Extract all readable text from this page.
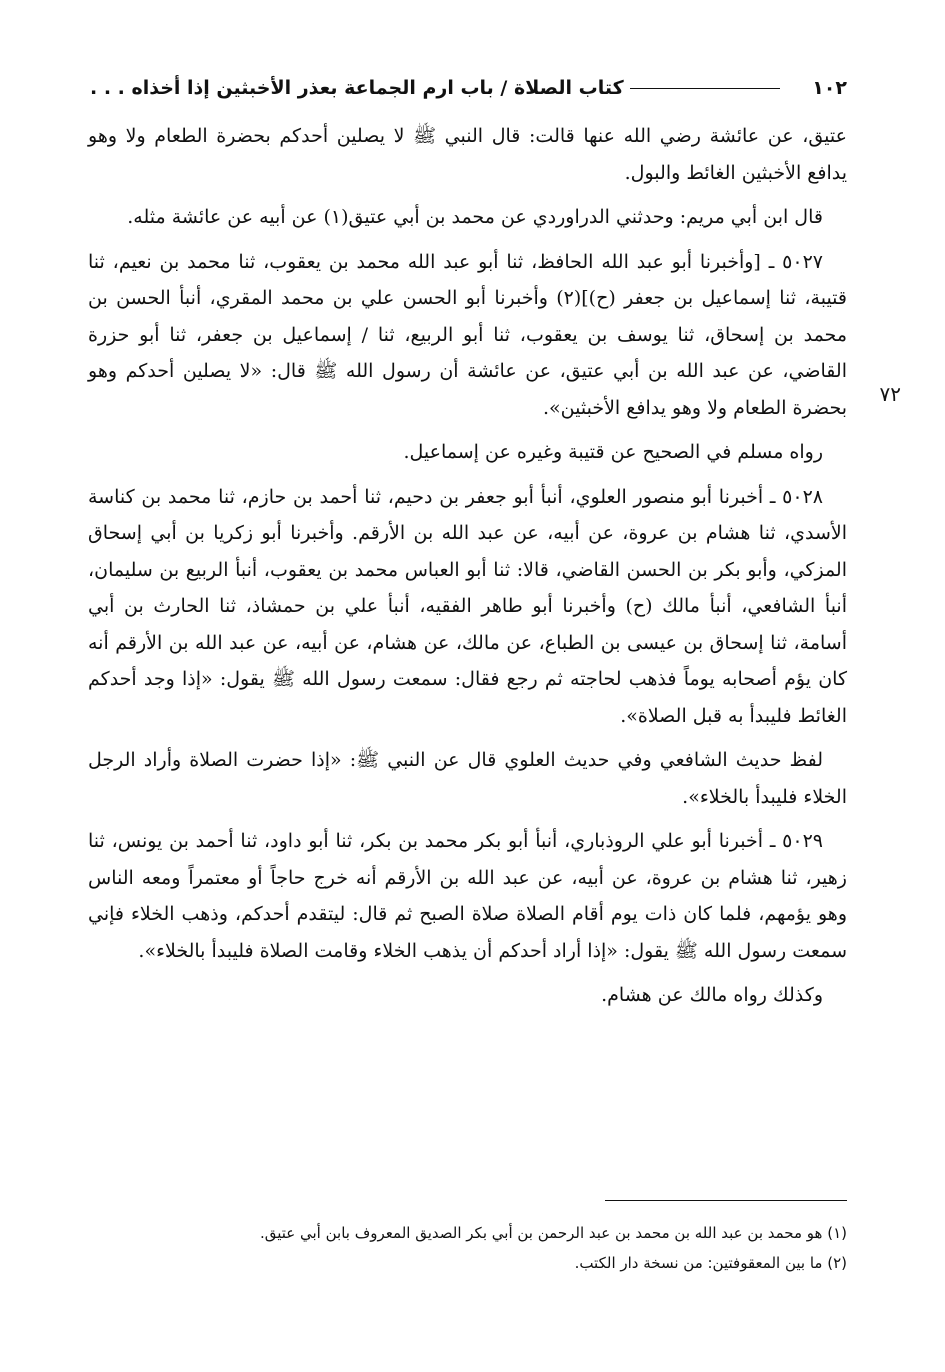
١٠٢
كتاب الصلاة / باب ارم الجماعة بعذر الأخبثين إذا أخذاه . . .
٧٢

عتيق، عن عائشة رضي الله عنها قالت: قال النبي ﷺ لا يصلين أحدكم بحضرة الطعام ولا وهو يدافع الأخبثين الغائط والبول.

قال ابن أبي مريم: وحدثني الدراوردي عن محمد بن أبي عتيق(١) عن أبيه عن عائشة مثله.

٥٠٢٧ ـ [وأخبرنا أبو عبد الله الحافظ، ثنا أبو عبد الله محمد بن يعقوب، ثنا محمد بن نعيم، ثنا قتيبة، ثنا إسماعيل بن جعفر (ح)](٢) وأخبرنا أبو الحسن علي بن محمد المقري، أنبأ الحسن بن محمد بن إسحاق، ثنا يوسف بن يعقوب، ثنا أبو الربيع، ثنا / إسماعيل بن جعفر، ثنا أبو حزرة القاضي، عن عبد الله بن أبي عتيق، عن عائشة أن رسول الله ﷺ قال: «لا يصلين أحدكم وهو بحضرة الطعام ولا وهو يدافع الأخبثين».

رواه مسلم في الصحيح عن قتيبة وغيره عن إسماعيل.

٥٠٢٨ ـ أخبرنا أبو منصور العلوي، أنبأ أبو جعفر بن دحيم، ثنا أحمد بن حازم، ثنا محمد بن كناسة الأسدي، ثنا هشام بن عروة، عن أبيه، عن عبد الله بن الأرقم. وأخبرنا أبو زكريا بن أبي إسحاق المزكي، وأبو بكر بن الحسن القاضي، قالا: ثنا أبو العباس محمد بن يعقوب، أنبأ الربيع بن سليمان، أنبأ الشافعي، أنبأ مالك (ح) وأخبرنا أبو طاهر الفقيه، أنبأ علي بن حمشاذ، ثنا الحارث بن أبي أسامة، ثنا إسحاق بن عيسى بن الطباع، عن مالك، عن هشام، عن أبيه، عن عبد الله بن الأرقم أنه كان يؤم أصحابه يوماً فذهب لحاجته ثم رجع فقال: سمعت رسول الله ﷺ يقول: «إذا وجد أحدكم الغائط فليبدأ به قبل الصلاة».

لفظ حديث الشافعي وفي حديث العلوي قال عن النبي ﷺ: «إذا حضرت الصلاة وأراد الرجل الخلاء فليبدأ بالخلاء».

٥٠٢٩ ـ أخبرنا أبو علي الروذباري، أنبأ أبو بكر محمد بن بكر، ثنا أبو داود، ثنا أحمد بن يونس، ثنا زهير، ثنا هشام بن عروة، عن أبيه، عن عبد الله بن الأرقم أنه خرج حاجاً أو معتمراً ومعه الناس وهو يؤمهم، فلما كان ذات يوم أقام الصلاة صلاة الصبح ثم قال: ليتقدم أحدكم، وذهب الخلاء فإني سمعت رسول الله ﷺ يقول: «إذا أراد أحدكم أن يذهب الخلاء وقامت الصلاة فليبدأ بالخلاء».

وكذلك رواه مالك عن هشام.

(١) هو محمد بن عبد الله بن محمد بن عبد الرحمن بن أبي بكر الصديق المعروف بابن أبي عتيق.
(٢) ما بين المعقوفتين: من نسخة دار الكتب.
